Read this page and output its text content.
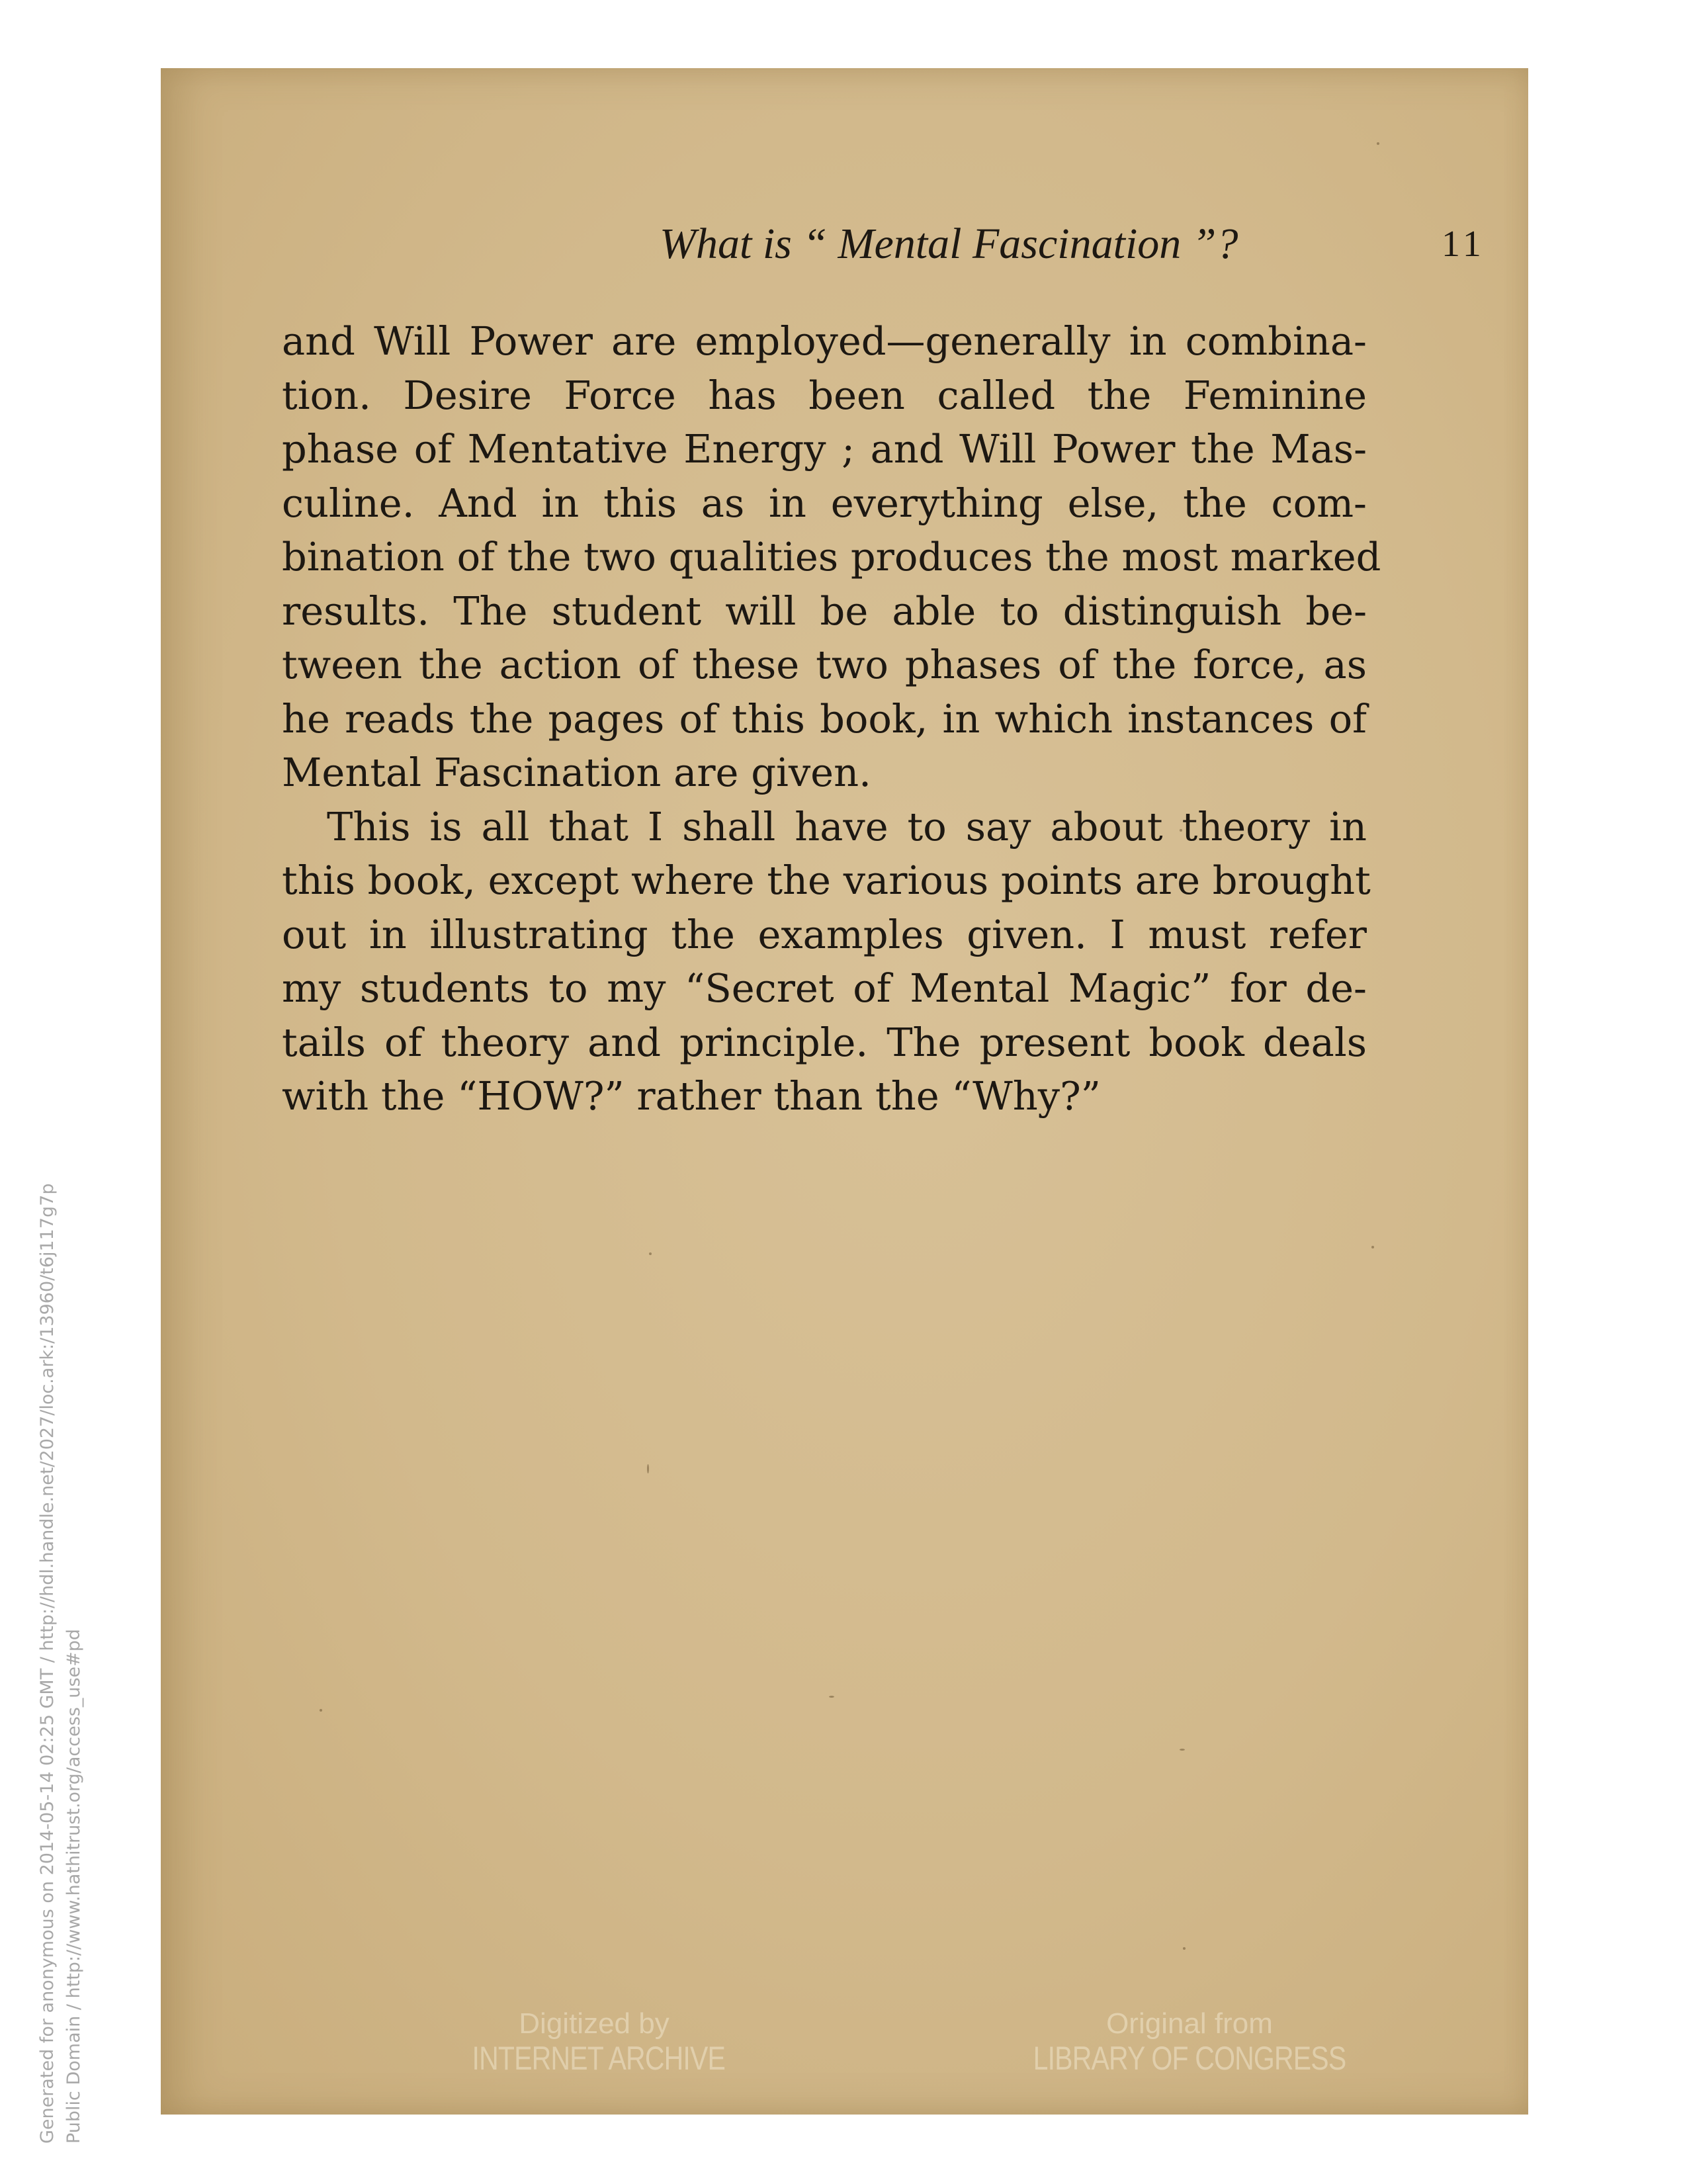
Generated for anonymous on 2014-05-14 02:25 GMT / http://hdl.handle.net/2027/loc.ark:/13960/t6j117g7p Public Domain / http://www.hathitrust.org/access_use#pd
What is “ Mental Fascination ”?	11

and Will Power are employed—generally in combina-
tion. Desire Force has been called the Feminine
phase of Mentative Energy ; and Will Power the Mas-
culine. And in this as in everything else, the com-
bination of the two qualities produces the most marked
results. The student will be able to distinguish be-
tween the action of these two phases of the force, as
he reads the pages of this book, in which instances of
Mental Fascination are given.

This is all that I shall have to say about theory in
this book, except where the various points are brought
out in illustrating the examples given. I must refer
my students to my “Secret of Mental Magic” for de-
tails of theory and principle. The present book deals
with the “HOW?” rather than the “Why?”

Digitized by
INTERNET ARCHIVE
Original from
LIBRARY OF CONGRESS
